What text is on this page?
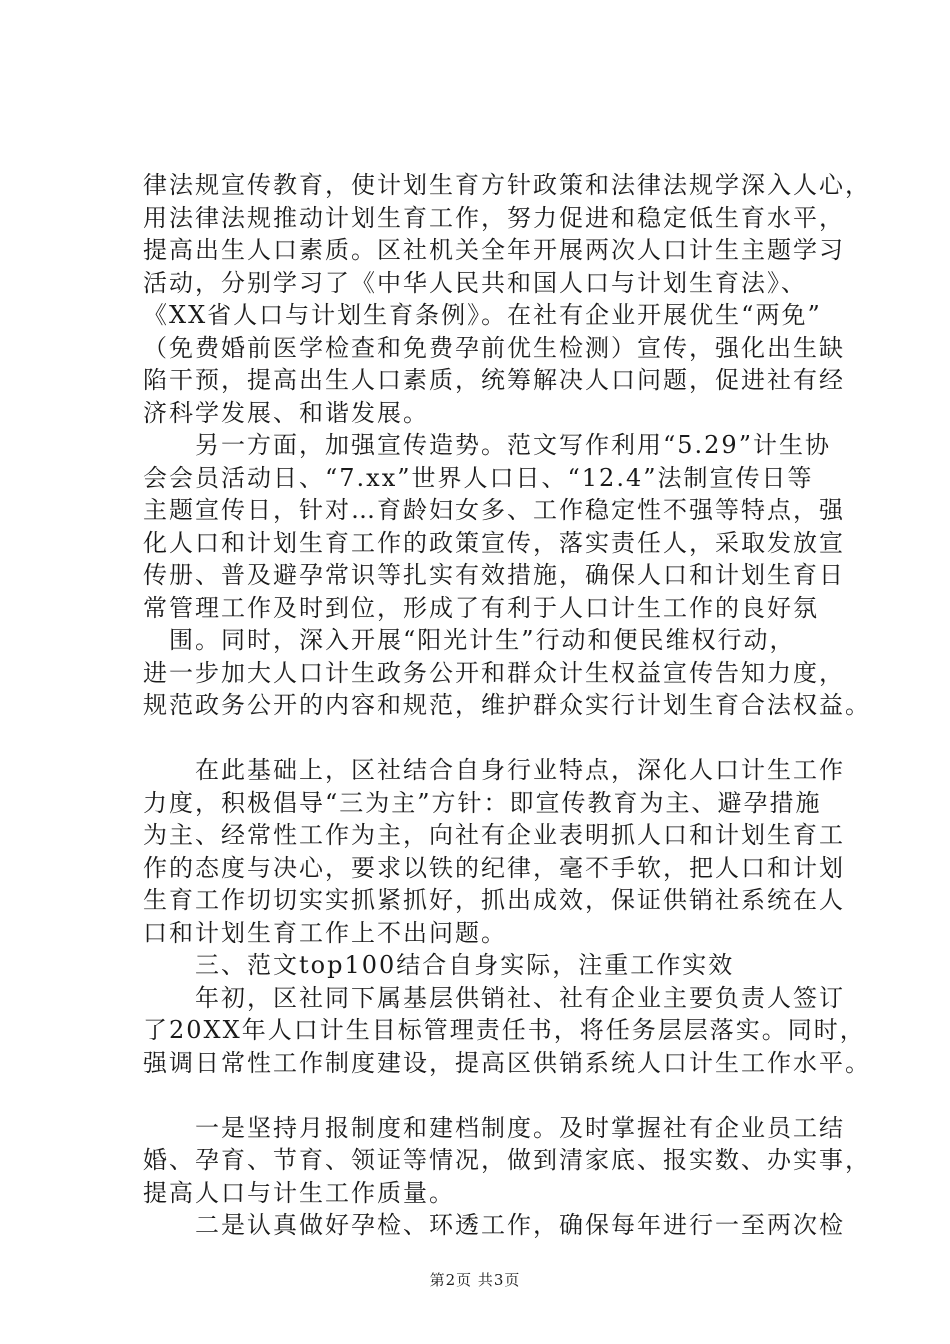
律法规宣传教育，使计划生育方针政策和法律法规学深入人心，
用法律法规推动计划生育工作，努力促进和稳定低生育水平，
提高出生人口素质。区社机关全年开展两次人口计生主题学习
活动，分别学习了《中华人民共和国人口与计划生育法》、
《XX省人口与计划生育条例》。在社有企业开展优生“两免”
（免费婚前医学检查和免费孕前优生检测）宣传，强化出生缺
陷干预，提高出生人口素质，统筹解决人口问题，促进社有经
济科学发展、和谐发展。
　　另一方面，加强宣传造势。范文写作利用“5.29”计生协
会会员活动日、“7.xx”世界人口日、“12.4”法制宣传日等
主题宣传日，针对…育龄妇女多、工作稳定性不强等特点，强
化人口和计划生育工作的政策宣传，落实责任人，采取发放宣
传册、普及避孕常识等扎实有效措施，确保人口和计划生育日
常管理工作及时到位，形成了有利于人口计生工作的良好氛
　围。同时，深入开展“阳光计生”行动和便民维权行动，
进一步加大人口计生政务公开和群众计生权益宣传告知力度，
规范政务公开的内容和规范，维护群众实行计划生育合法权益。
　　在此基础上，区社结合自身行业特点，深化人口计生工作
力度，积极倡导“三为主”方针：即宣传教育为主、避孕措施
为主、经常性工作为主，向社有企业表明抓人口和计划生育工
作的态度与决心，要求以铁的纪律，毫不手软，把人口和计划
生育工作切切实实抓紧抓好，抓出成效，保证供销社系统在人
口和计划生育工作上不出问题。
　　三、范文top100结合自身实际，注重工作实效
　　年初，区社同下属基层供销社、社有企业主要负责人签订
了20XX年人口计生目标管理责任书，将任务层层落实。同时，
强调日常性工作制度建设，提高区供销系统人口计生工作水平。
　　一是坚持月报制度和建档制度。及时掌握社有企业员工结
婚、孕育、节育、领证等情况，做到清家底、报实数、办实事，
提高人口与计生工作质量。
　　二是认真做好孕检、环透工作，确保每年进行一至两次检
第2页 共3页
